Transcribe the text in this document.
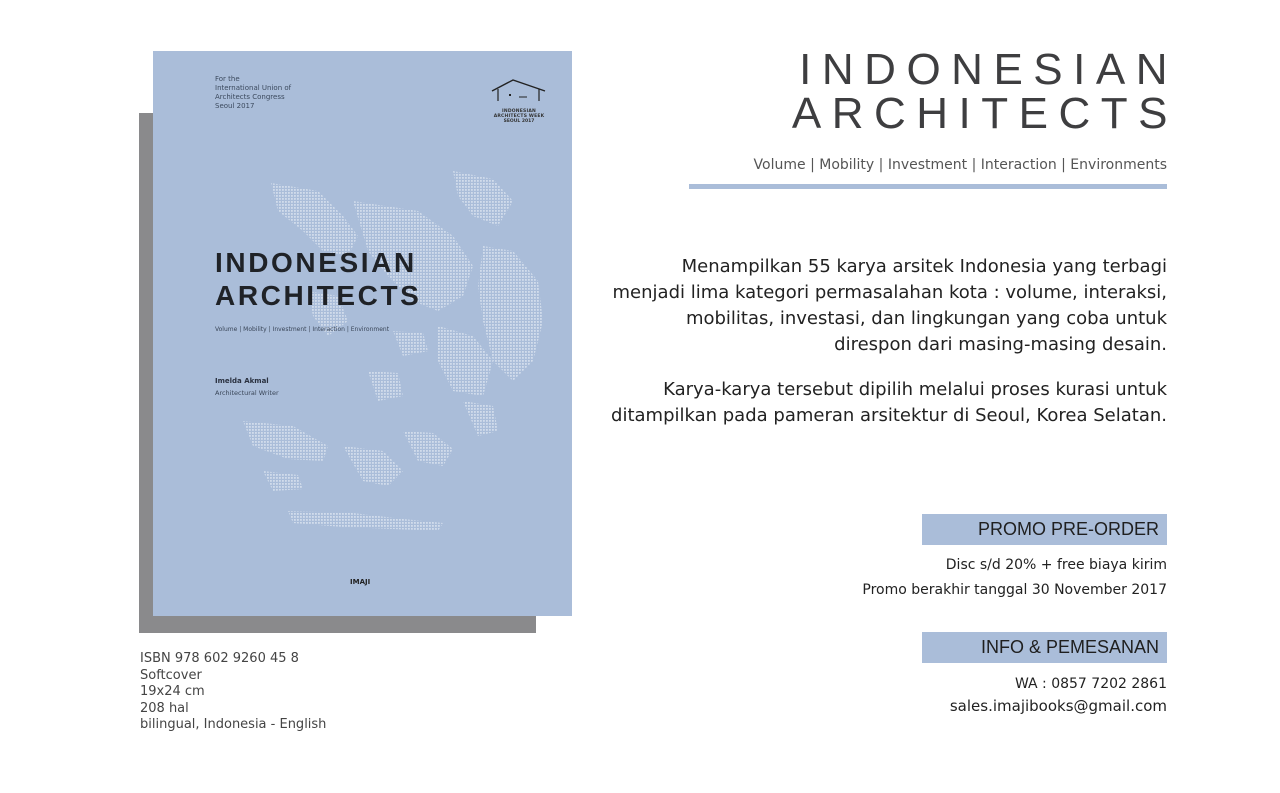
For the
International Union of
Architects Congress
Seoul 2017
INDONESIAN ARCHITECTS WEEK
SEOUL 2017
INDONESIAN
ARCHITECTS
Volume | Mobility | Investment | Interaction | Environment
Imelda Akmal
Architectural Writer
IMAJI
ISBN 978 602 9260 45 8
Softcover
19x24 cm
208 hal
bilingual, Indonesia - English
INDONESIAN
ARCHITECTS
Volume | Mobility | Investment | Interaction | Environments
Menampilkan 55 karya arsitek Indonesia yang terbagi menjadi lima kategori permasalahan kota : volume, interaksi, mobilitas, investasi, dan lingkungan yang coba untuk direspon dari masing-masing desain.
Karya-karya tersebut dipilih melalui proses kurasi untuk ditampilkan pada pameran arsitektur di Seoul, Korea Selatan.
PROMO PRE-ORDER
Disc s/d 20% + free biaya kirim
Promo berakhir tanggal 30 November 2017
INFO & PEMESANAN
WA : 0857 7202 2861
sales.imajibooks@gmail.com
